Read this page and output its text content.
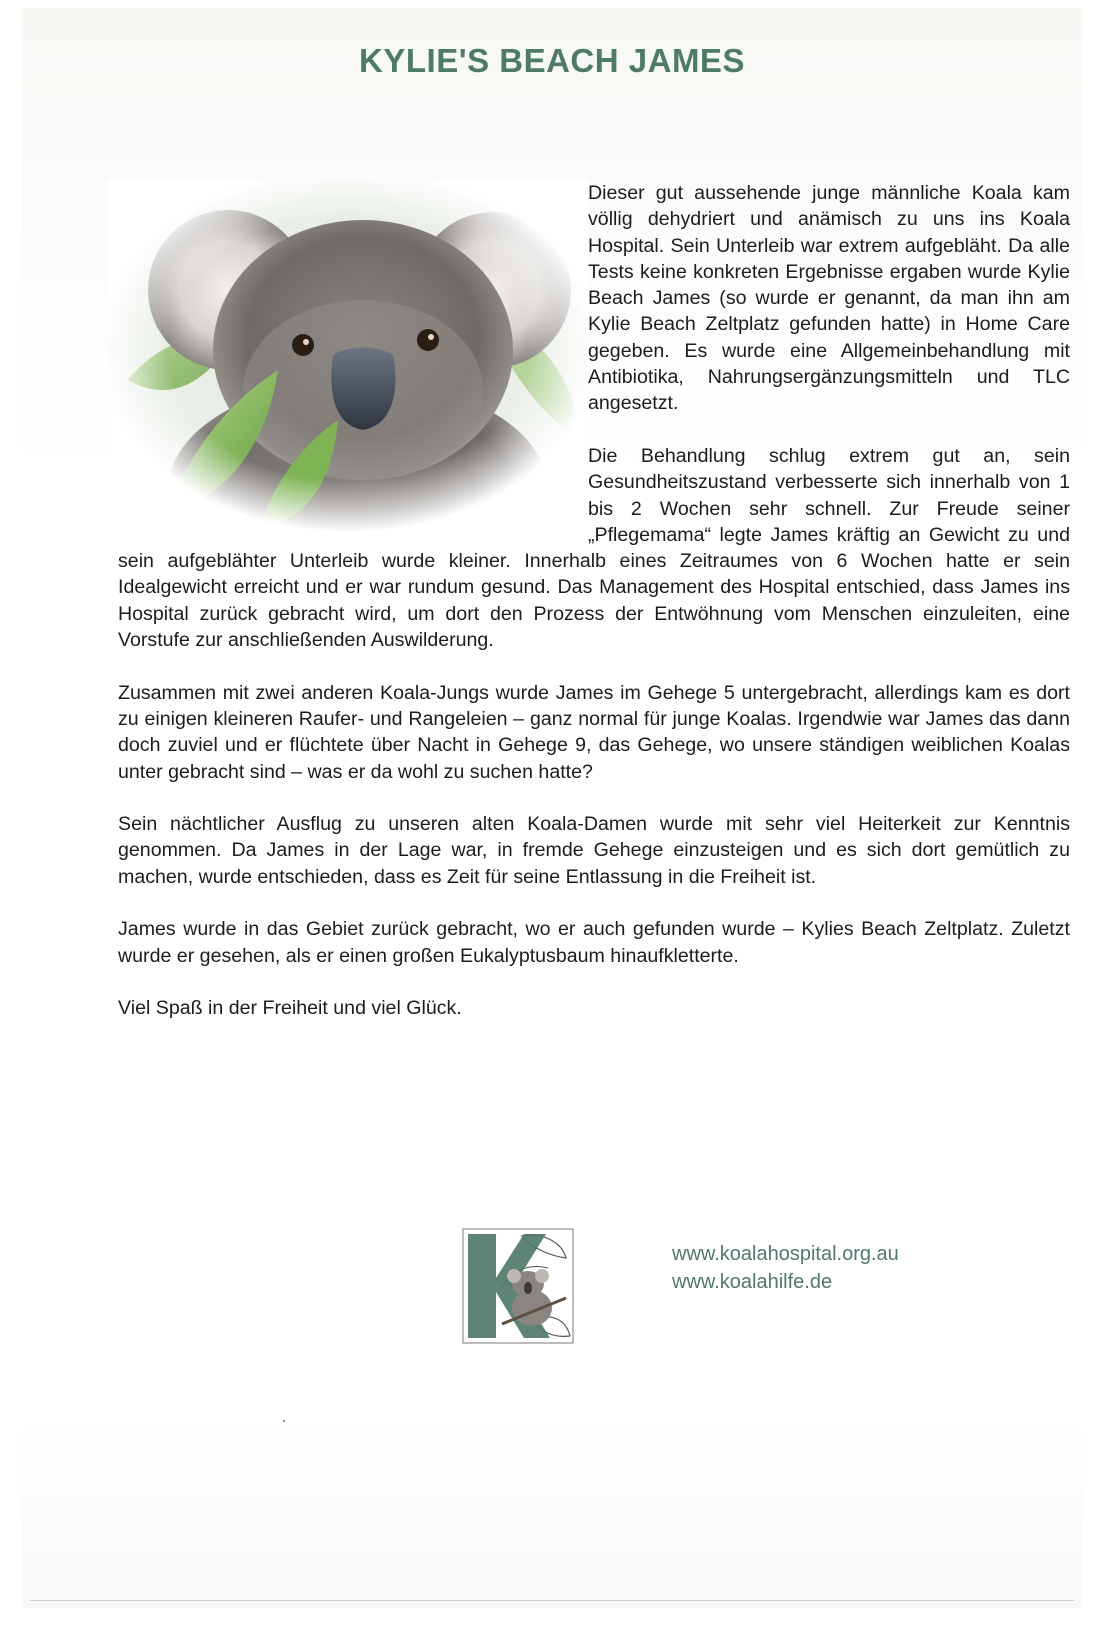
KYLIE'S BEACH JAMES

Dieser gut aussehende junge männliche Koala kam völlig dehydriert und anämisch zu uns ins Koala Hospital. Sein Unterleib war extrem aufgebläht. Da alle Tests keine konkreten Ergebnisse ergaben wurde Kylie Beach James (so wurde er genannt, da man ihn am Kylie Beach Zeltplatz gefunden hatte) in Home Care gegeben. Es wurde eine Allgemeinbehandlung mit Antibiotika, Nahrungsergänzungsmitteln und TLC angesetzt.

Die Behandlung schlug extrem gut an, sein Gesundheitszustand verbesserte sich innerhalb von 1 bis 2 Wochen sehr schnell. Zur Freude seiner „Pflegemama“ legte James kräftig an Gewicht zu und sein aufgeblähter Unterleib wurde kleiner. Innerhalb eines Zeitraumes von 6 Wochen hatte er sein Idealgewicht erreicht und er war rundum gesund. Das Management des Hospital entschied, dass James ins Hospital zurück gebracht wird, um dort den Prozess der Entwöhnung vom Menschen einzuleiten, eine Vorstufe zur anschließenden Auswilderung.

Zusammen mit zwei anderen Koala-Jungs wurde James im Gehege 5 untergebracht, allerdings kam es dort zu einigen kleineren Raufer- und Rangeleien – ganz normal für junge Koalas. Irgendwie war James das dann doch zuviel und er flüchtete über Nacht in Gehege 9, das Gehege, wo unsere ständigen weiblichen Koalas unter gebracht sind – was er da wohl zu suchen hatte?

Sein nächtlicher Ausflug zu unseren alten Koala-Damen wurde mit sehr viel Heiterkeit zur Kenntnis genommen. Da James in der Lage war, in fremde Gehege einzusteigen und es sich dort gemütlich zu machen, wurde entschieden, dass es Zeit für seine Entlassung in die Freiheit ist.

James wurde in das Gebiet zurück gebracht, wo er auch gefunden wurde – Kylies Beach Zeltplatz. Zuletzt wurde er gesehen, als er einen großen Eukalyptusbaum hinaufkletterte.

Viel Spaß in der Freiheit und viel Glück.

www.koalahospital.org.au
www.koalahilfe.de
